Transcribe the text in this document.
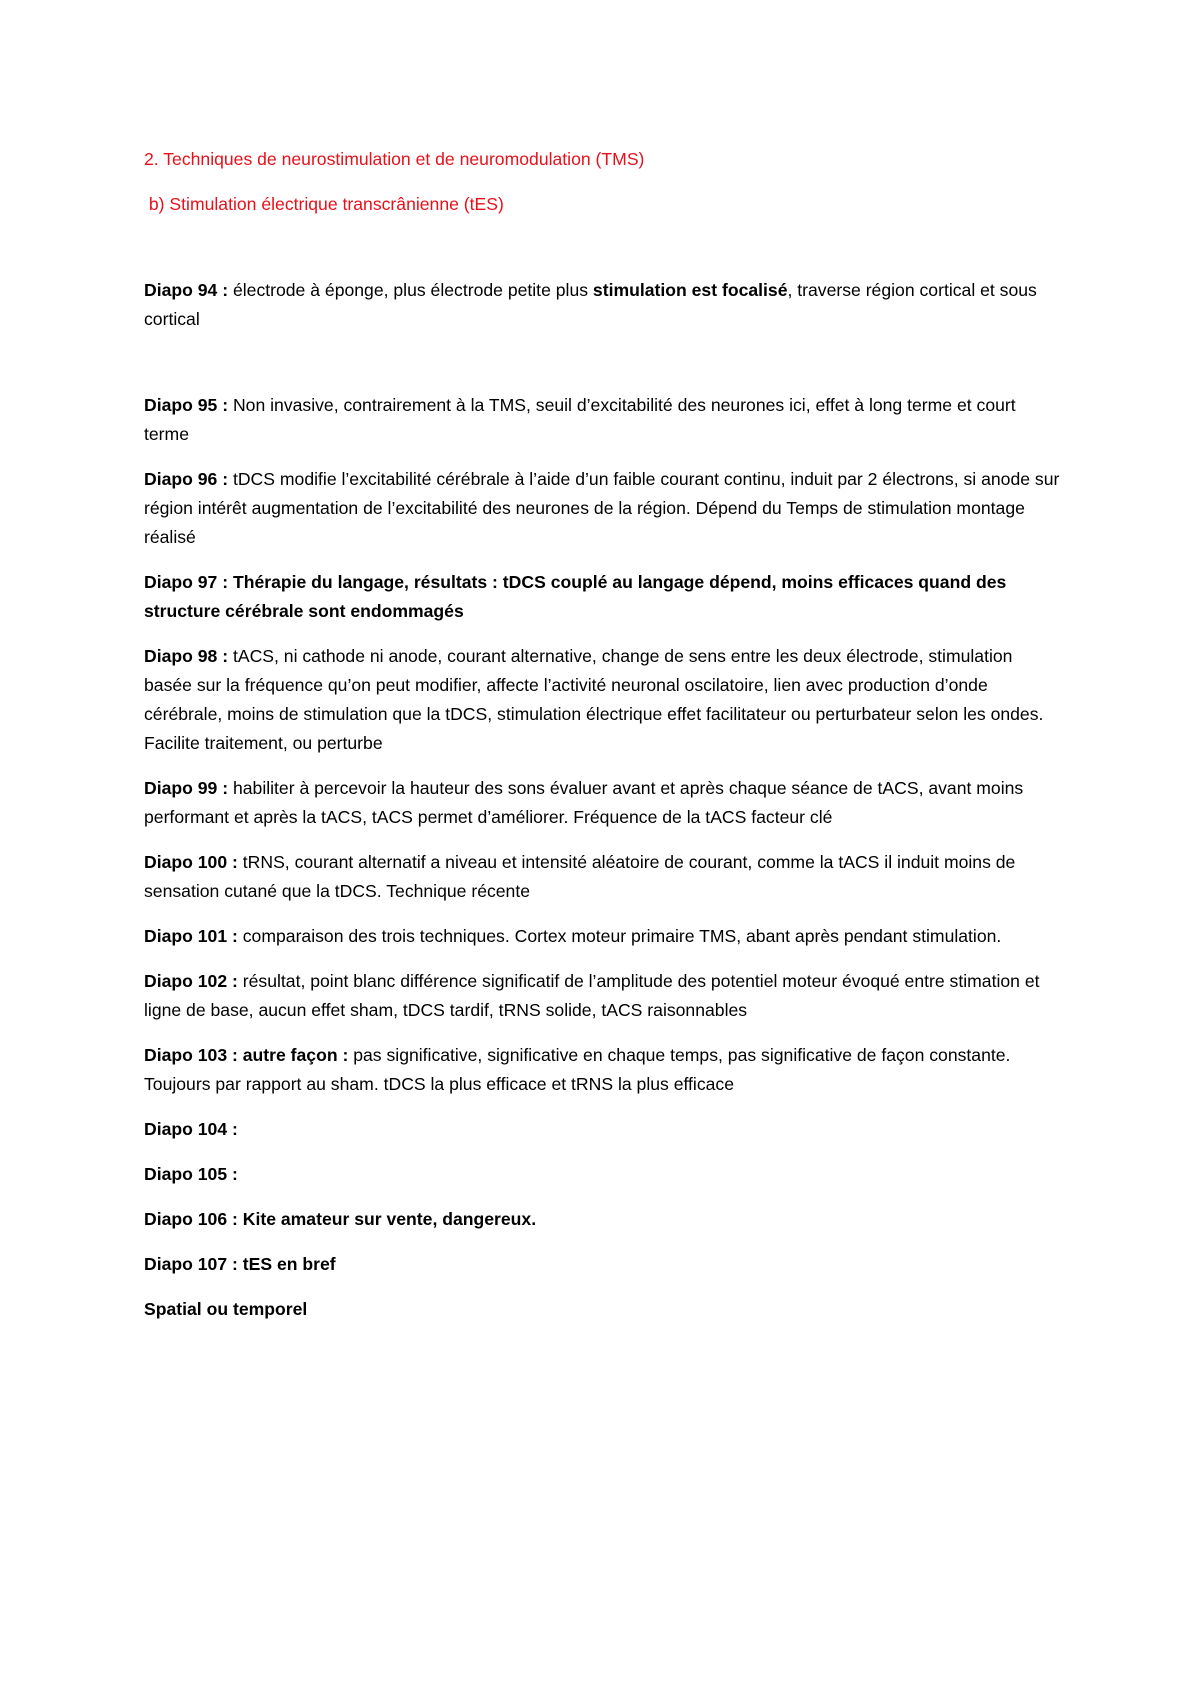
2. Techniques de neurostimulation et de neuromodulation (TMS)

b) Stimulation électrique transcrânienne (tES)

Diapo 94 : électrode à éponge, plus électrode petite plus stimulation est focalisé, traverse région cortical et sous cortical

Diapo 95 : Non invasive, contrairement à la TMS, seuil d’excitabilité des neurones ici, effet à long terme et court terme

Diapo 96 : tDCS modifie l’excitabilité cérébrale à l’aide d’un faible courant continu, induit par 2 électrons, si anode sur région intérêt augmentation de l’excitabilité des neurones de la région. Dépend du Temps de stimulation montage réalisé

Diapo 97 : Thérapie du langage, résultats : tDCS couplé au langage dépend, moins efficaces quand des structure cérébrale sont endommagés

Diapo 98 : tACS, ni cathode ni anode, courant alternative, change de sens entre les deux électrode, stimulation basée sur la fréquence qu’on peut modifier, affecte l’activité neuronal oscilatoire, lien avec production d’onde cérébrale, moins de stimulation que la tDCS, stimulation électrique effet facilitateur ou perturbateur selon les ondes. Facilite traitement, ou perturbe

Diapo 99 : habiliter à percevoir la hauteur des sons évaluer avant et après chaque séance de tACS, avant moins performant et après la tACS, tACS permet d’améliorer. Fréquence de la tACS facteur clé

Diapo 100 : tRNS, courant alternatif a niveau et intensité aléatoire de courant, comme la tACS il induit moins de sensation cutané que la tDCS. Technique récente

Diapo 101 : comparaison des trois techniques. Cortex moteur primaire TMS, abant après pendant stimulation.

Diapo 102 : résultat, point blanc différence significatif de l’amplitude des potentiel moteur évoqué entre stimation et ligne de base, aucun effet sham, tDCS tardif, tRNS solide, tACS raisonnables

Diapo 103 : autre façon : pas significative, significative en chaque temps, pas significative de façon constante. Toujours par rapport au sham. tDCS la plus efficace et tRNS la plus efficace

Diapo 104 :

Diapo 105 :

Diapo 106 : Kite amateur sur vente, dangereux.

Diapo 107 : tES en bref

Spatial ou temporel
